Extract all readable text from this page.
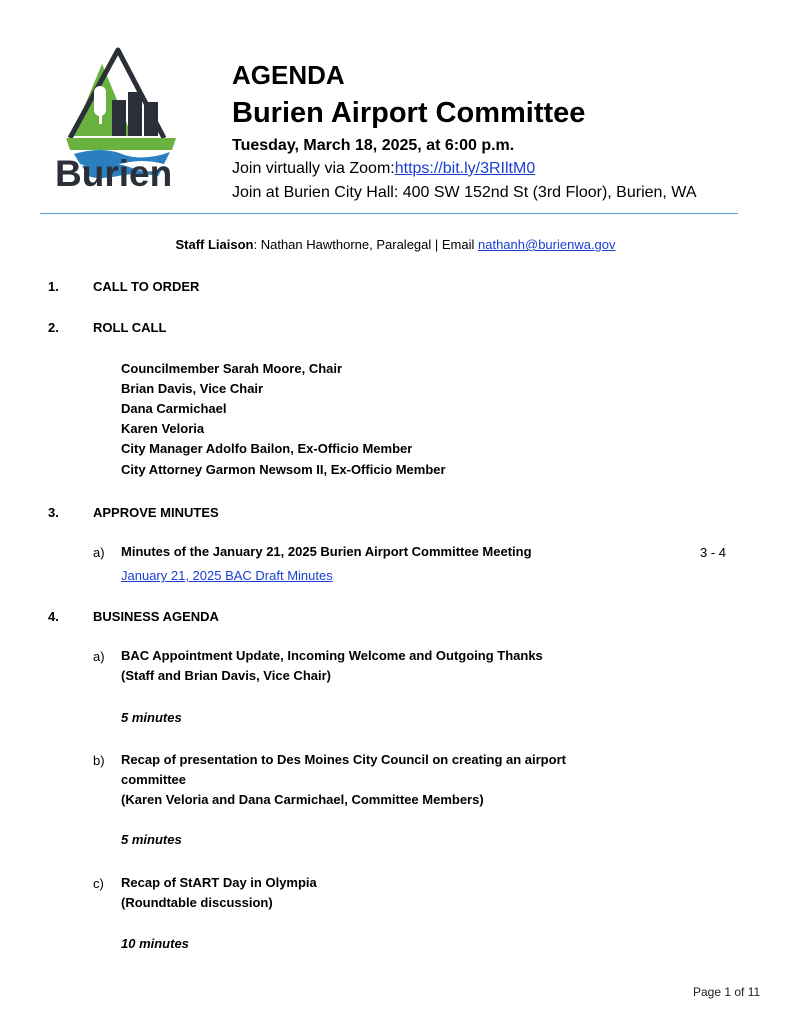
Burien
AGENDA
Burien Airport Committee
Tuesday, March 18, 2025, at 6:00 p.m.
Join virtually via Zoom:https://bit.ly/3RIltM0
Join at Burien City Hall: 400 SW 152nd St (3rd Floor), Burien, WA
Staff Liaison: Nathan Hawthorne, Paralegal | Email nathanh@burienwa.gov
1.	CALL TO ORDER
2.	ROLL CALL
Councilmember Sarah Moore, Chair
Brian Davis, Vice Chair
Dana Carmichael
Karen Veloria
City Manager Adolfo Bailon, Ex-Officio Member
City Attorney Garmon Newsom II, Ex-Officio Member
3.	APPROVE MINUTES
a) Minutes of the January 21, 2025 Burien Airport Committee Meeting	3 - 4
January 21, 2025 BAC Draft Minutes
4.	BUSINESS AGENDA
a) BAC Appointment Update, Incoming Welcome and Outgoing Thanks
(Staff and Brian Davis, Vice Chair)
5 minutes
b) Recap of presentation to Des Moines City Council on creating an airport
committee
(Karen Veloria and Dana Carmichael, Committee Members)
5 minutes
c) Recap of StART Day in Olympia
(Roundtable discussion)
10 minutes
Page 1 of 11
